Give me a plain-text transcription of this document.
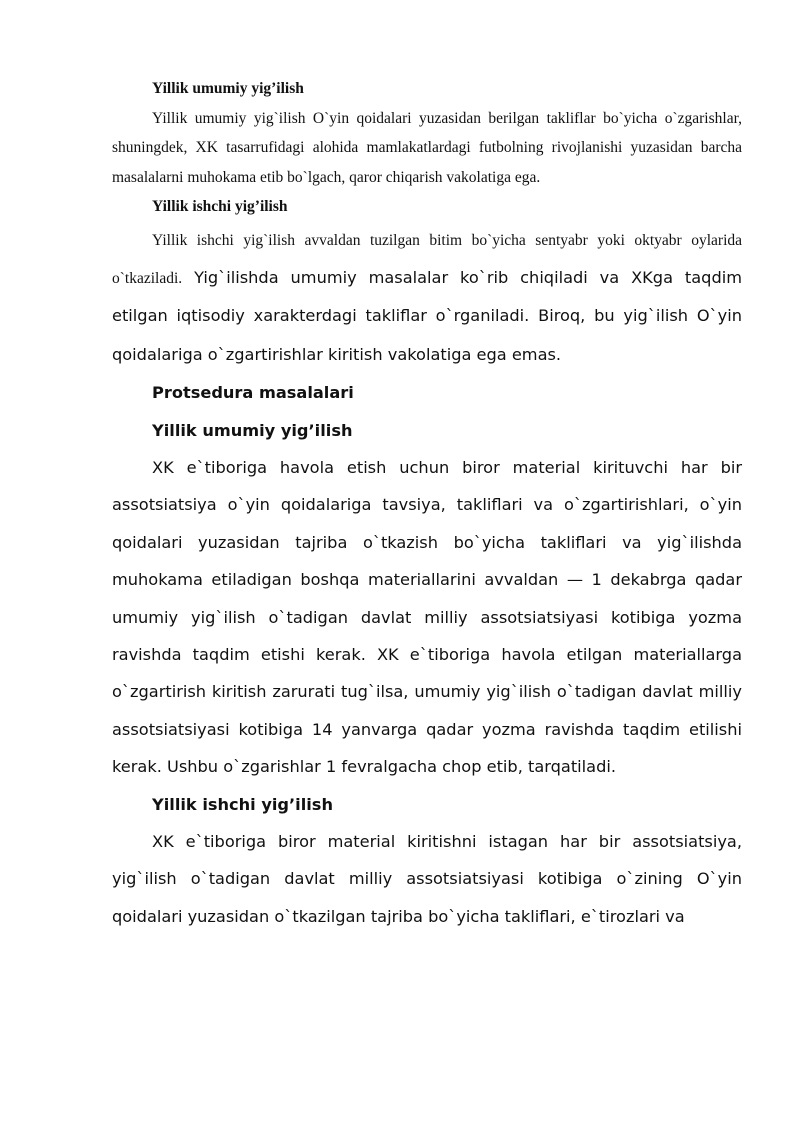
Yillik umumiy yig’ilish

Yillik umumiy yig`ilish O`yin qoidalari yuzasidan berilgan takliflar bo`yicha o`zgarishlar, shuningdek, XK tasarrufidagi alohida mamlakatlardagi futbolning rivojlanishi yuzasidan barcha masalalarni muhokama etib bo`lgach, qaror chiqarish vakolatiga ega.

Yillik ishchi yig’ilish

Yillik ishchi yig`ilish avvaldan tuzilgan bitim bo`yicha sentyabr yoki oktyabr oylarida o`tkaziladi. Yig`ilishda umumiy masalalar ko`rib chiqiladi va XKga taqdim etilgan iqtisodiy xarakterdagi takliflar o`rganiladi. Biroq, bu yig`ilish O`yin qoidalariga o`zgartirishlar kiritish vakolatiga ega emas.

Protsedura masalalari

Yillik umumiy yig’ilish

XK e`tiboriga havola etish uchun biror material kirituvchi har bir assotsiatsiya o`yin qoidalariga tavsiya, takliflari va o`zgartirishlari, o`yin qoidalari yuzasidan tajriba o`tkazish bo`yicha takliflari va yig`ilishda muhokama etiladigan boshqa materiallarini avvaldan — 1 dekabrga qadar umumiy yig`ilish o`tadigan davlat milliy assotsiatsiyasi kotibiga yozma ravishda taqdim etishi kerak. XK e`tiboriga havola etilgan materiallarga o`zgartirish kiritish zarurati tug`ilsa, umumiy yig`ilish o`tadigan davlat milliy assotsiatsiyasi kotibiga 14 yanvarga qadar yozma ravishda taqdim etilishi kerak. Ushbu o`zgarishlar 1 fevralgacha chop etib, tarqatiladi.

Yillik ishchi yig’ilish

XK e`tiboriga biror material kiritishni istagan har bir assotsiatsiya, yig`ilish o`tadigan davlat milliy assotsiatsiyasi kotibiga o`zining O`yin qoidalari yuzasidan o`tkazilgan tajriba bo`yicha takliflari, e`tirozlari va
